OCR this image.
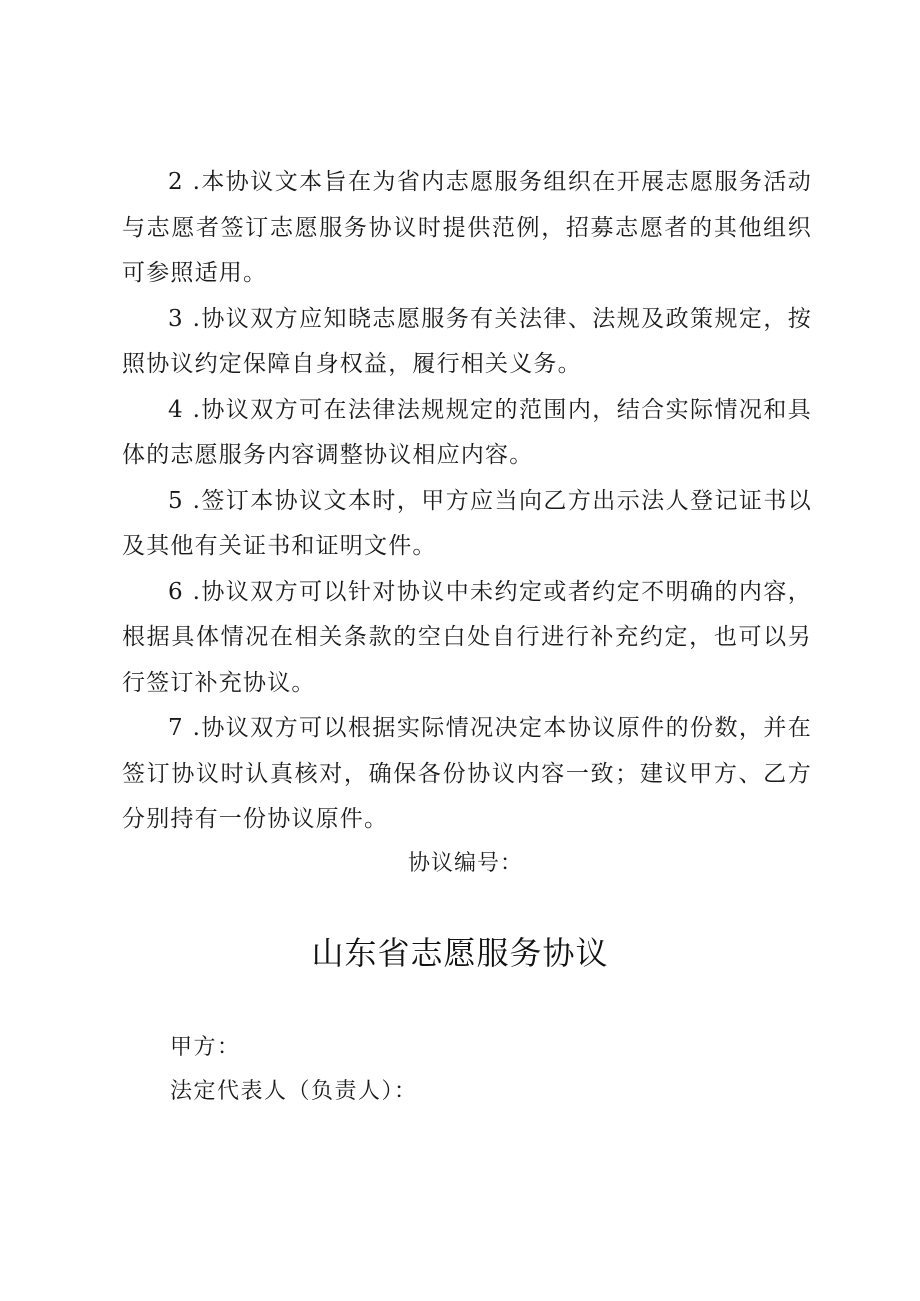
2 .本协议文本旨在为省内志愿服务组织在开展志愿服务活动与志愿者签订志愿服务协议时提供范例，招募志愿者的其他组织可参照适用。

3 .协议双方应知晓志愿服务有关法律、法规及政策规定，按照协议约定保障自身权益，履行相关义务。

4 .协议双方可在法律法规规定的范围内，结合实际情况和具体的志愿服务内容调整协议相应内容。

5 .签订本协议文本时，甲方应当向乙方出示法人登记证书以及其他有关证书和证明文件。

6 .协议双方可以针对协议中未约定或者约定不明确的内容，根据具体情况在相关条款的空白处自行进行补充约定，也可以另行签订补充协议。

7 .协议双方可以根据实际情况决定本协议原件的份数，并在签订协议时认真核对，确保各份协议内容一致；建议甲方、乙方分别持有一份协议原件。

协议编号：

山东省志愿服务协议

甲方：

法定代表人（负责人）：
